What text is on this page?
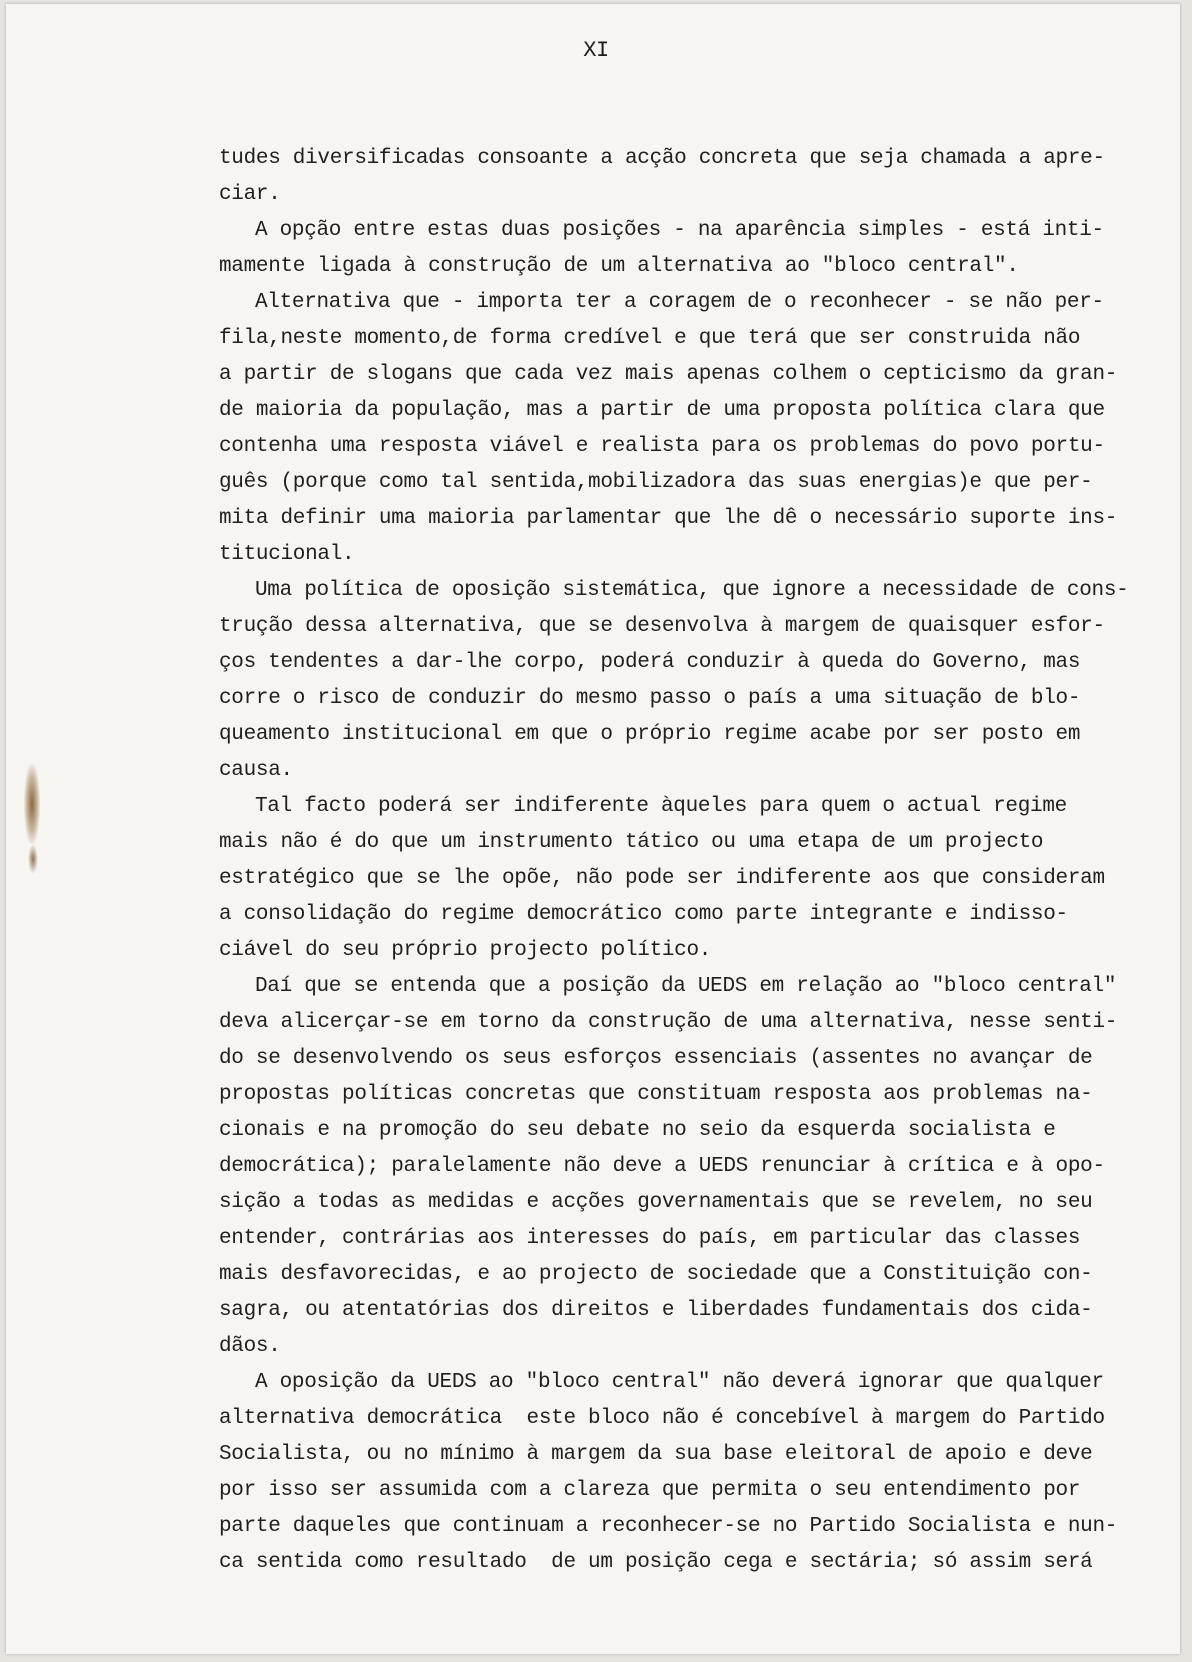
XI
tudes diversificadas consoante a acção concreta que seja chamada a apre-
ciar.
A opção entre estas duas posições - na aparência simples - está inti-
mamente ligada à construção de um alternativa ao "bloco central".
Alternativa que - importa ter a coragem de o reconhecer - se não per-
fila,neste momento,de forma credível e que terá que ser construida não
a partir de slogans que cada vez mais apenas colhem o cepticismo da gran-
de maioria da população, mas a partir de uma proposta política clara que
contenha uma resposta viável e realista para os problemas do povo portu-
guês (porque como tal sentida,mobilizadora das suas energias)e que per-
mita definir uma maioria parlamentar que lhe dê o necessário suporte ins-
titucional.
Uma política de oposição sistemática, que ignore a necessidade de cons-
trução dessa alternativa, que se desenvolva à margem de quaisquer esfor-
ços tendentes a dar-lhe corpo, poderá conduzir à queda do Governo, mas
corre o risco de conduzir do mesmo passo o país a uma situação de blo-
queamento institucional em que o próprio regime acabe por ser posto em
causa.
Tal facto poderá ser indiferente àqueles para quem o actual regime
mais não é do que um instrumento tático ou uma etapa de um projecto
estratégico que se lhe opõe, não pode ser indiferente aos que consideram
a consolidação do regime democrático como parte integrante e indisso-
ciável do seu próprio projecto político.
Daí que se entenda que a posição da UEDS em relação ao "bloco central"
deva alicerçar-se em torno da construção de uma alternativa, nesse senti-
do se desenvolvendo os seus esforços essenciais (assentes no avançar de
propostas políticas concretas que constituam resposta aos problemas na-
cionais e na promoção do seu debate no seio da esquerda socialista e
democrática); paralelamente não deve a UEDS renunciar à crítica e à opo-
sição a todas as medidas e acções governamentais que se revelem, no seu
entender, contrárias aos interesses do país, em particular das classes
mais desfavorecidas, e ao projecto de sociedade que a Constituição con-
sagra, ou atentatórias dos direitos e liberdades fundamentais dos cida-
dãos.
A oposição da UEDS ao "bloco central" não deverá ignorar que qualquer
alternativa democrática  este bloco não é concebível à margem do Partido
Socialista, ou no mínimo à margem da sua base eleitoral de apoio e deve
por isso ser assumida com a clareza que permita o seu entendimento por
parte daqueles que continuam a reconhecer-se no Partido Socialista e nun-
ca sentida como resultado  de um posição cega e sectária; só assim será
